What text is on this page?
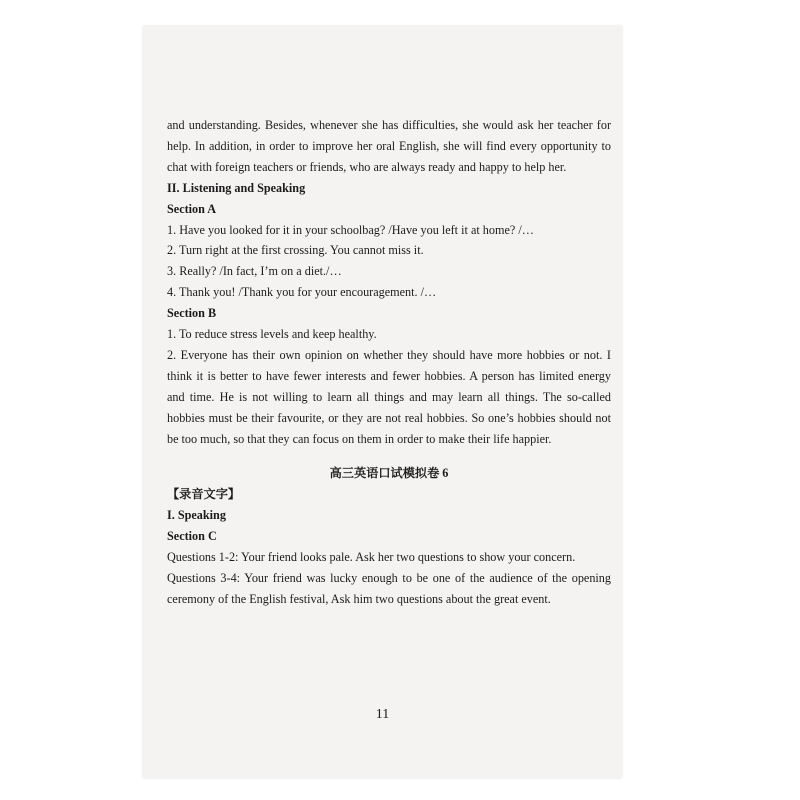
and understanding. Besides, whenever she has difficulties, she would ask her teacher for help. In addition, in order to improve her oral English, she will find every opportunity to chat with foreign teachers or friends, who are always ready and happy to help her.

II. Listening and Speaking

Section A

1. Have you looked for it in your schoolbag? /Have you left it at home? /…

2. Turn right at the first crossing. You cannot miss it.

3. Really? /In fact, I’m on a diet./…

4. Thank you! /Thank you for your encouragement. /…

Section B

1. To reduce stress levels and keep healthy.

2. Everyone has their own opinion on whether they should have more hobbies or not. I think it is better to have fewer interests and fewer hobbies. A person has limited energy and time. He is not willing to learn all things and may learn all things. The so-called hobbies must be their favourite, or they are not real hobbies. So one’s hobbies should not be too much, so that they can focus on them in order to make their life happier.

高三英语口试模拟卷 6

【录音文字】

I. Speaking

Section C

Questions 1-2: Your friend looks pale. Ask her two questions to show your concern.

Questions 3-4: Your friend was lucky enough to be one of the audience of the opening ceremony of the English festival, Ask him two questions about the great event.

11
